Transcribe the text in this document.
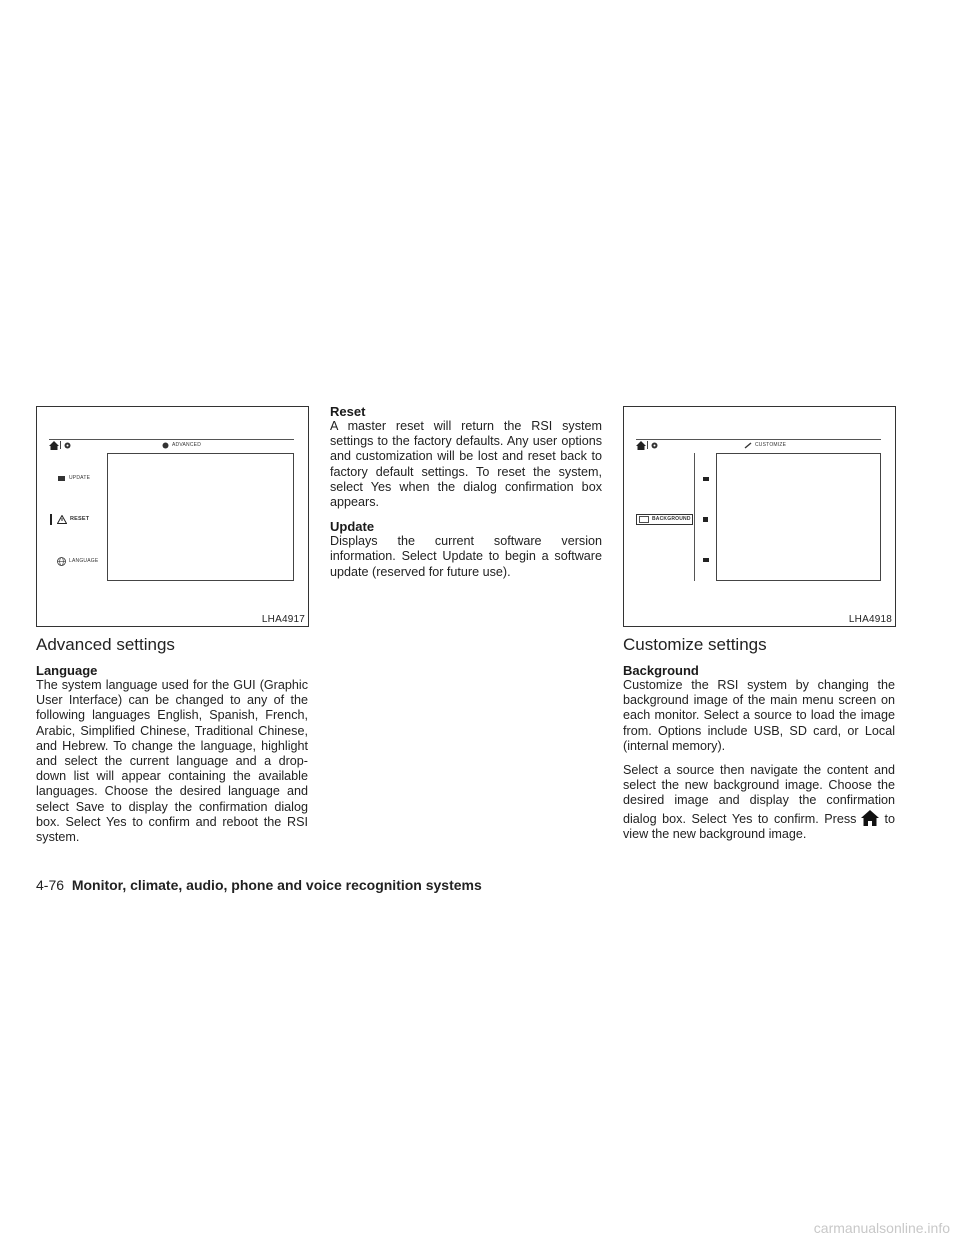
ADVANCED
UPDATE
RESET
LANGUAGE
LHA4917
CUSTOMIZE
BACKGROUND
LHA4918
Advanced settings
Language

The system language used for the GUI (Graphic User Interface) can be changed to any of the following languages English, Spanish, French, Arabic, Simplified Chinese, Traditional Chinese, and Hebrew. To change the language, highlight and select the current language and a drop-down list will appear containing the available languages. Choose the desired language and select Save to display the confirmation dialog box. Select Yes to confirm and reboot the RSI system.

Reset

A master reset will return the RSI system settings to the factory defaults. Any user options and customization will be lost and reset back to factory default settings. To reset the system, select Yes when the dialog confirmation box appears.

Update

Displays the current software version information. Select Update to begin a software update (reserved for future use).

Customize settings
Background

Customize the RSI system by changing the background image of the main menu screen on each monitor. Select a source to load the image from. Options include USB, SD card, or Local (internal memory).

Select a source then navigate the content and select the new background image. Choose the desired image and display the confirmation dialog box. Select Yes to confirm. Press to view the new background image.

4-76 Monitor, climate, audio, phone and voice recognition systems
carmanualsonline.info
